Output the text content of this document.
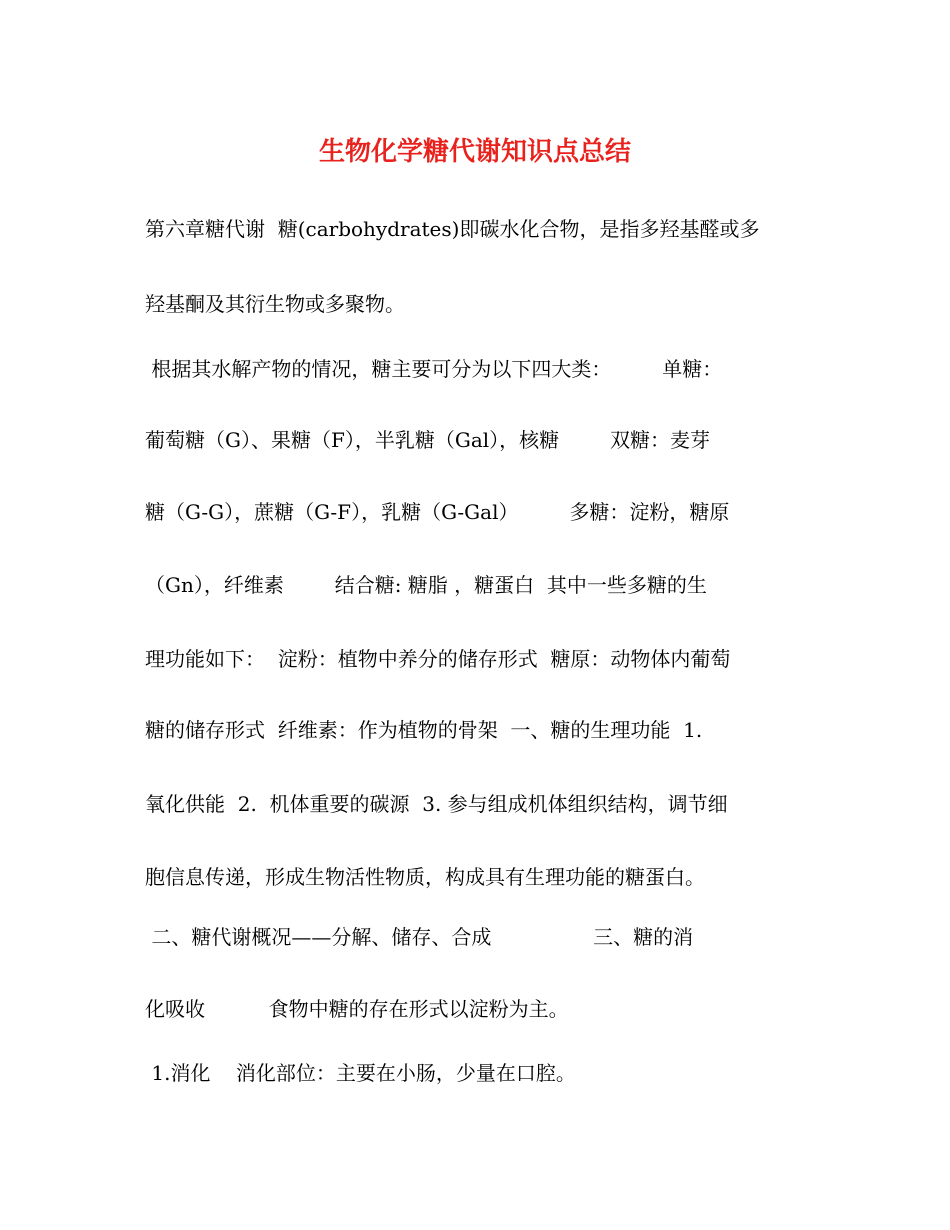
生物化学糖代谢知识点总结

第六章糖代谢  糖(carbohydrates)即碳水化合物，是指多羟基醛或多

羟基酮及其衍生物或多聚物。

根据其水解产物的情况，糖主要可分为以下四大类：        单糖：

葡萄糖（G）、果糖（F），半乳糖（Gal），核糖        双糖：麦芽

糖（G-G），蔗糖（G-F），乳糖（G-Gal）        多糖：淀粉，糖原

（Gn），纤维素        结合糖: 糖脂 ，糖蛋白  其中一些多糖的生

理功能如下：  淀粉：植物中养分的储存形式  糖原：动物体内葡萄

糖的储存形式  纤维素：作为植物的骨架  一、糖的生理功能  1.

氧化供能  2.  机体重要的碳源  3. 参与组成机体组织结构，调节细

胞信息传递，形成生物活性物质，构成具有生理功能的糖蛋白。

二、糖代谢概况——分解、储存、合成                三、糖的消

化吸收          食物中糖的存在形式以淀粉为主。

1.消化    消化部位：主要在小肠，少量在口腔。
